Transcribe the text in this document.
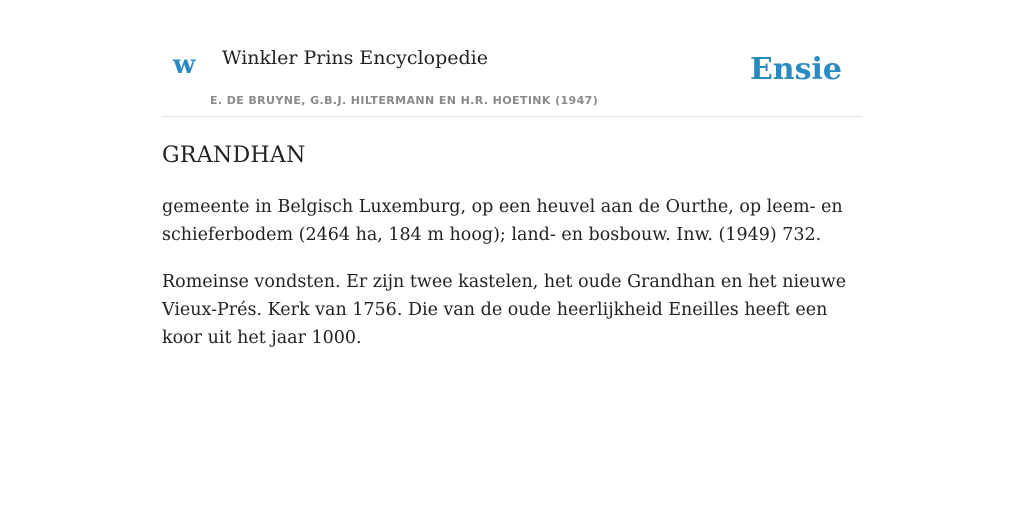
w Winkler Prins Encyclopedie
E. DE BRUYNE, G.B.J. HILTERMANN EN H.R. HOETINK (1947)
Ensie
GRANDHAN

gemeente in Belgisch Luxemburg, op een heuvel aan de Ourthe, op leem- en schieferbodem (2464 ha, 184 m hoog); land- en bosbouw. Inw. (1949) 732.

Romeinse vondsten. Er zijn twee kastelen, het oude Grandhan en het nieuwe Vieux-Prés. Kerk van 1756. Die van de oude heerlijkheid Eneilles heeft een koor uit het jaar 1000.
